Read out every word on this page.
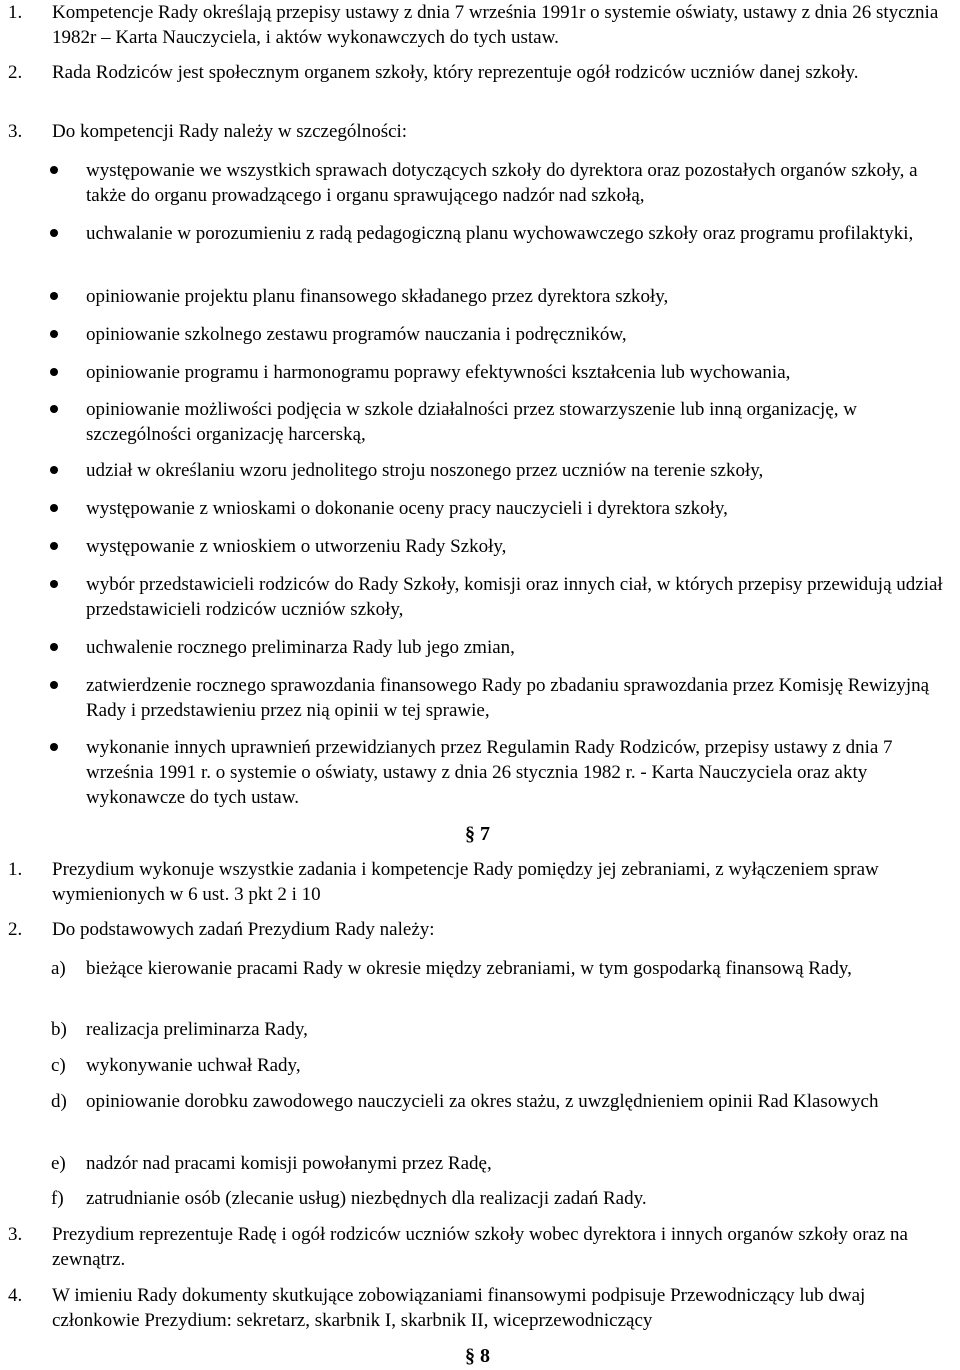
1.	Kompetencje Rady określają przepisy ustawy z dnia 7 września 1991r o systemie oświaty, ustawy z dnia 26 stycznia 1982r – Karta Nauczyciela, i aktów wykonawczych do tych ustaw.
2.	Rada Rodziców jest społecznym organem szkoły, który reprezentuje ogół rodziców uczniów danej szkoły.
3.	Do kompetencji Rady należy w szczególności:
występowanie we wszystkich sprawach dotyczących szkoły do dyrektora oraz pozostałych organów szkoły, a także do organu prowadzącego i organu sprawującego nadzór nad szkołą,
uchwalanie w porozumieniu z radą pedagogiczną planu wychowawczego szkoły oraz programu profilaktyki,
opiniowanie projektu planu finansowego składanego przez dyrektora szkoły,
opiniowanie szkolnego zestawu programów nauczania i podręczników,
opiniowanie programu i harmonogramu poprawy efektywności kształcenia lub wychowania,
opiniowanie możliwości podjęcia w szkole działalności przez stowarzyszenie lub inną organizację, w szczególności organizację harcerską,
udział w określaniu wzoru jednolitego stroju noszonego przez uczniów na terenie szkoły,
występowanie z wnioskami o dokonanie oceny pracy nauczycieli i dyrektora szkoły,
występowanie z wnioskiem o utworzeniu Rady Szkoły,
wybór przedstawicieli rodziców do Rady Szkoły, komisji oraz innych ciał, w których przepisy przewidują udział przedstawicieli rodziców uczniów szkoły,
uchwalenie rocznego preliminarza Rady lub jego zmian,
zatwierdzenie rocznego sprawozdania finansowego Rady po zbadaniu sprawozdania przez Komisję Rewizyjną Rady i przedstawieniu przez nią opinii w tej sprawie,
wykonanie innych uprawnień przewidzianych przez Regulamin Rady Rodziców, przepisy ustawy z dnia 7 września 1991 r. o systemie o oświaty, ustawy z dnia 26 stycznia 1982 r. - Karta Nauczyciela oraz akty wykonawcze do tych ustaw.
§ 7
1.	Prezydium wykonuje wszystkie zadania i kompetencje Rady pomiędzy jej zebraniami, z wyłączeniem spraw wymienionych w 6 ust. 3 pkt 2 i 10
2.	Do podstawowych zadań Prezydium Rady należy:
a)	bieżące kierowanie pracami Rady w okresie między zebraniami, w tym gospodarką finansową Rady,
b)	realizacja preliminarza Rady,
c)	wykonywanie uchwał Rady,
d)	opiniowanie dorobku zawodowego nauczycieli za okres stażu, z uwzględnieniem opinii Rad Klasowych
e)	nadzór nad pracami komisji powołanymi przez Radę,
f)	zatrudnianie osób (zlecanie usług) niezbędnych dla realizacji zadań Rady.
3.	Prezydium reprezentuje Radę i ogół rodziców uczniów szkoły wobec dyrektora i innych organów szkoły oraz na zewnątrz.
4.	W imieniu Rady dokumenty skutkujące zobowiązaniami finansowymi podpisuje Przewodniczący lub dwaj członkowie Prezydium: sekretarz, skarbnik I, skarbnik II, wiceprzewodniczący
§ 8
